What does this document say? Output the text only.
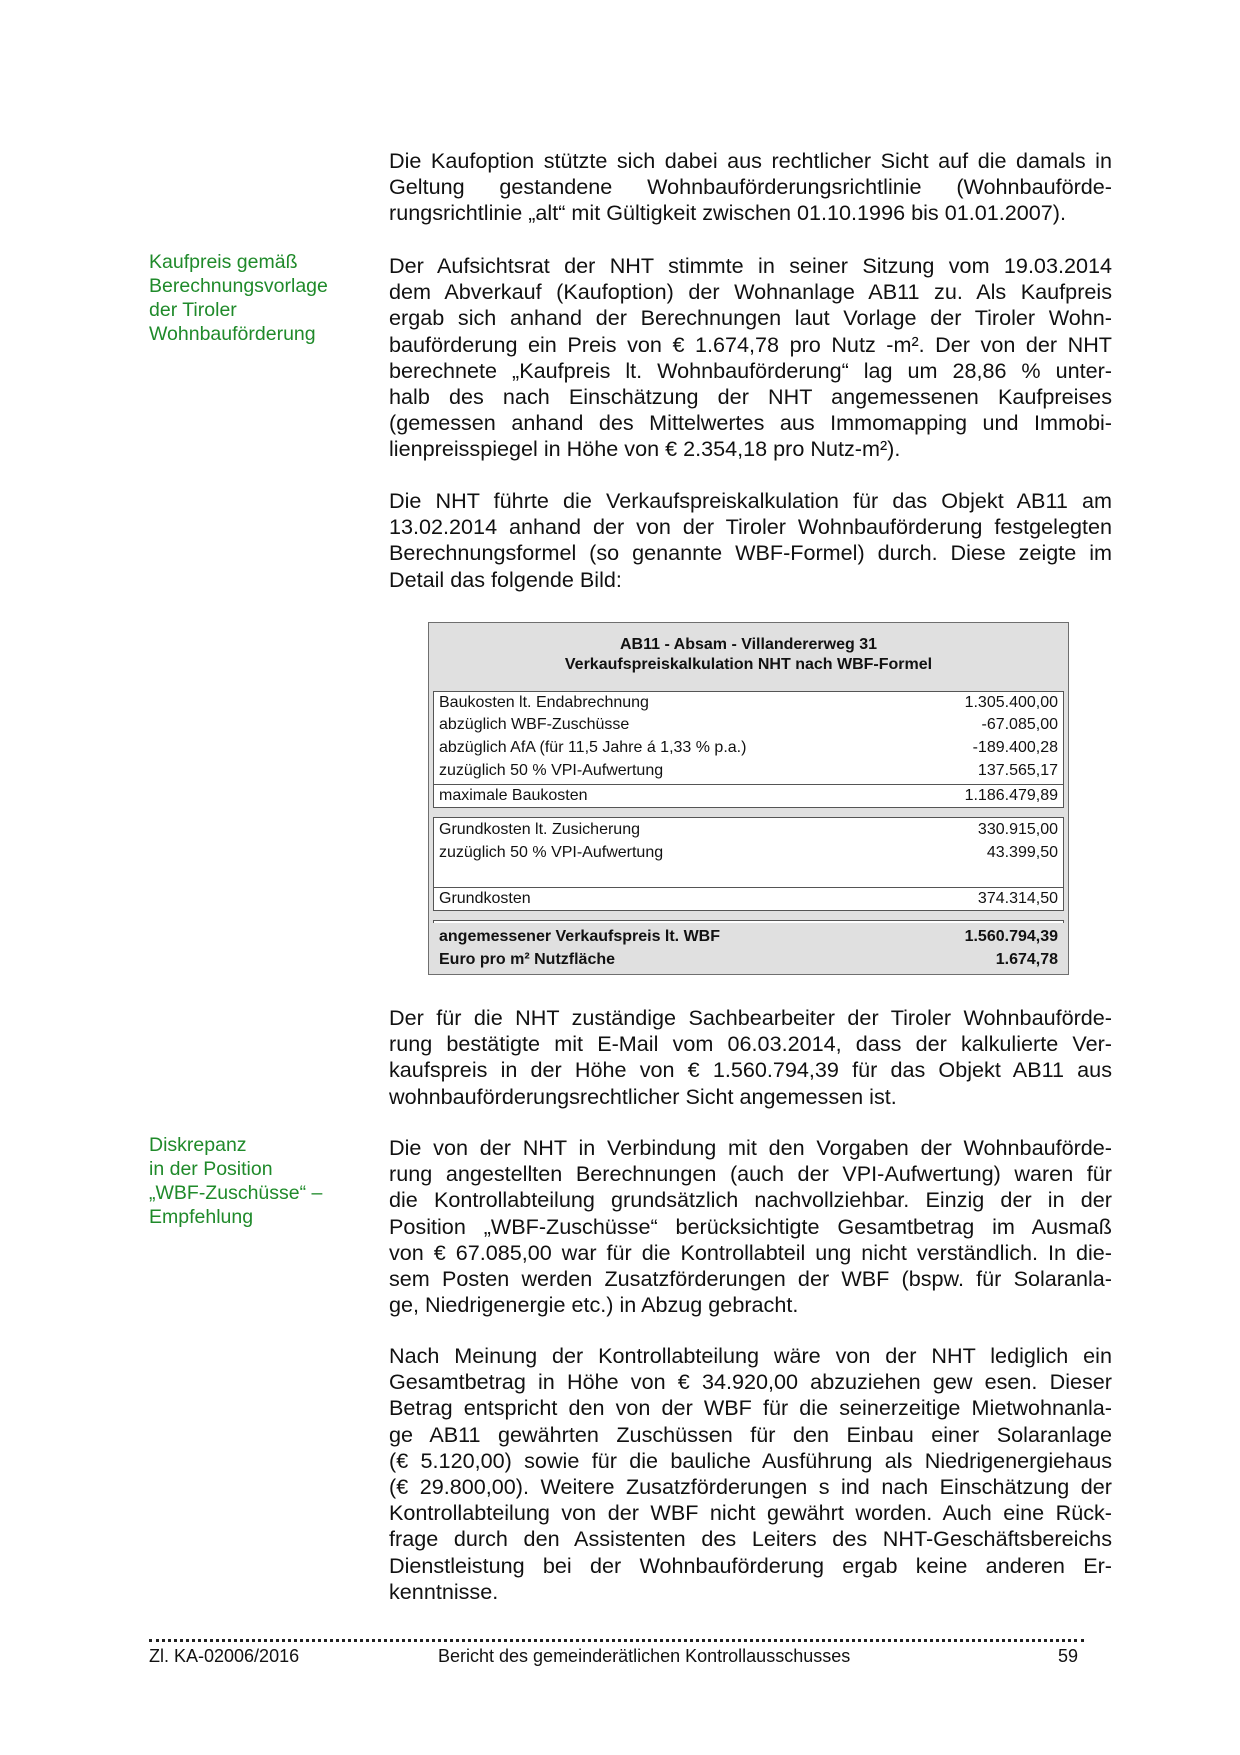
Kaufpreis gemäß
Berechnungsvorlage
der Tiroler
Wohnbauförderung
Diskrepanz
in der Position
„WBF-Zuschüsse“ –
Empfehlung
Die Kaufoption stützte sich dabei aus rechtlicher Sicht auf die damals in
Geltung gestandene Wohnbauförderungsrichtlinie (Wohnbauförde-
rungsrichtlinie „alt“ mit Gültigkeit zwischen 01.10.1996 bis 01.01.2007).
Der Aufsichtsrat der NHT stimmte in seiner Sitzung vom 19.03.2014
dem Abverkauf (Kaufoption) der Wohnanlage AB11 zu. Als Kaufpreis
ergab sich anhand der Berechnungen laut Vorlage der Tiroler Wohn-
bauförderung ein Preis von € 1.674,78 pro Nutz -m². Der von der NHT
berechnete „Kaufpreis lt. Wohnbauförderung“ lag um 28,86 % unter-
halb des nach Einschätzung der NHT angemessenen Kaufpreises
(gemessen anhand des Mittelwertes aus Immomapping und Immobi-
lienpreisspiegel in Höhe von € 2.354,18 pro Nutz-m²).
Die NHT führte die Verkaufspreiskalkulation für das Objekt AB11 am
13.02.2014 anhand der von der Tiroler Wohnbauförderung festgelegten
Berechnungsformel (so genannte WBF-Formel) durch. Diese zeigte im
Detail das folgende Bild:
AB11 - Absam - Villandererweg 31
Verkaufspreiskalkulation NHT nach WBF-Formel
Baukosten lt. Endabrechnung	1.305.400,00
abzüglich WBF-Zuschüsse	-67.085,00
abzüglich AfA (für 11,5 Jahre á 1,33 % p.a.)	-189.400,28
zuzüglich 50 % VPI-Aufwertung	137.565,17
maximale Baukosten	1.186.479,89
Grundkosten lt. Zusicherung	330.915,00
zuzüglich 50 % VPI-Aufwertung	43.399,50
Grundkosten	374.314,50
angemessener Verkaufspreis lt. WBF	1.560.794,39
Euro pro m² Nutzfläche	1.674,78
Der für die NHT zuständige Sachbearbeiter der Tiroler Wohnbauförde-
rung bestätigte mit E-Mail vom 06.03.2014, dass der kalkulierte Ver-
kaufspreis in der Höhe von € 1.560.794,39 für das Objekt AB11 aus
wohnbauförderungsrechtlicher Sicht angemessen ist.
Die von der NHT in Verbindung mit den Vorgaben der Wohnbauförde-
rung angestellten Berechnungen (auch der VPI-Aufwertung) waren für
die Kontrollabteilung grundsätzlich nachvollziehbar. Einzig der in der
Position „WBF-Zuschüsse“ berücksichtigte Gesamtbetrag im Ausmaß
von € 67.085,00 war für die Kontrollabteil ung nicht verständlich. In die-
sem Posten werden Zusatzförderungen der WBF (bspw. für Solaranla-
ge, Niedrigenergie etc.) in Abzug gebracht.
Nach Meinung der Kontrollabteilung wäre von der NHT lediglich ein
Gesamtbetrag in Höhe von € 34.920,00 abzuziehen gew esen. Dieser
Betrag entspricht den von der WBF für die seinerzeitige Mietwohnanla-
ge AB11 gewährten Zuschüssen für den Einbau einer Solaranlage
(€ 5.120,00) sowie für die bauliche Ausführung als Niedrigenergiehaus
(€ 29.800,00). Weitere Zusatzförderungen s ind nach Einschätzung der
Kontrollabteilung von der WBF nicht gewährt worden. Auch eine Rück-
frage durch den Assistenten des Leiters des NHT-Geschäftsbereichs
Dienstleistung bei der Wohnbauförderung ergab keine anderen Er-
kenntnisse.
Zl. KA-02006/2016	Bericht des gemeinderätlichen Kontrollausschusses	59
